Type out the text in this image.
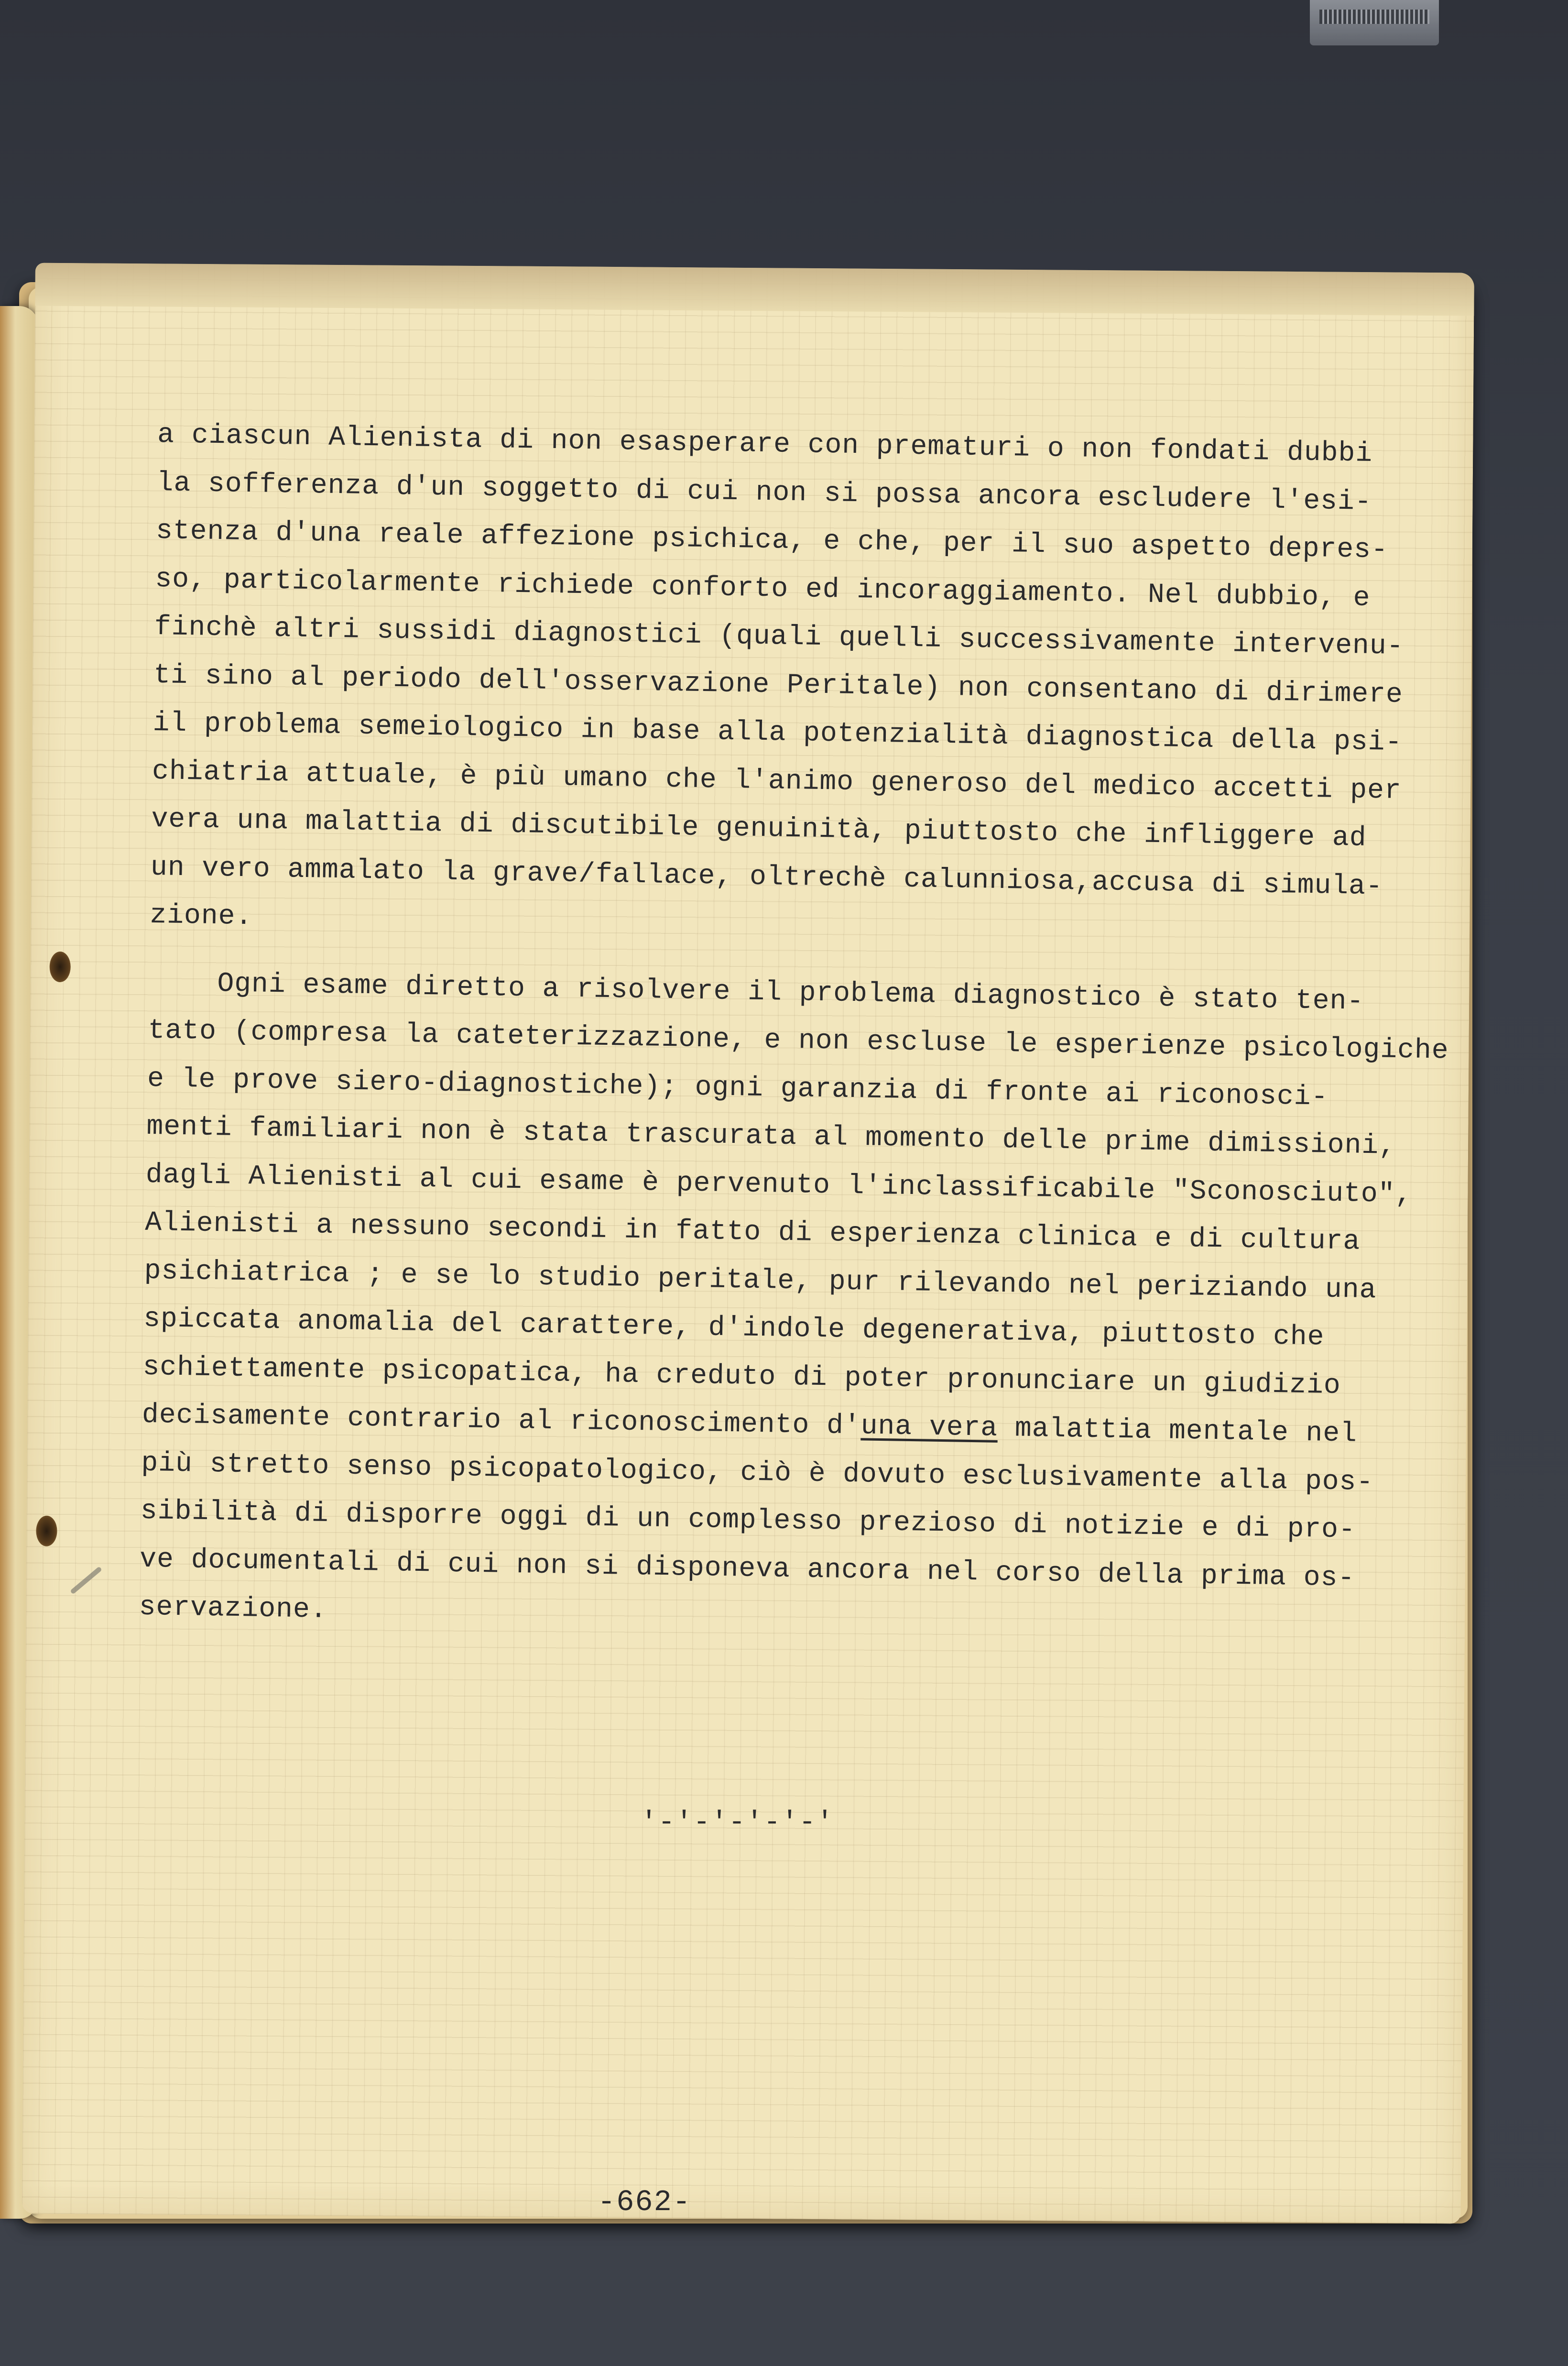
a ciascun Alienista di non esasperare con prematuri o non fondati dubbi
la sofferenza d'un soggetto di cui non si possa ancora escludere l'esi-
stenza d'una reale affezione psichica, e che, per il suo aspetto depres-
so, particolarmente richiede conforto ed incoraggiamento. Nel dubbio, e
finchè altri sussidi diagnostici (quali quelli successivamente intervenu-
ti sino al periodo dell'osservazione Peritale) non consentano di dirimere
il problema semeiologico in base alla potenzialità diagnostica della psi-
chiatria attuale, è più umano che l'animo generoso del medico accetti per
vera una malattia di discutibile genuinità, piuttosto che infliggere ad
un vero ammalato la grave/fallace, oltrechè calunniosa,accusa di simula-
zione.
Ogni esame diretto a risolvere il problema diagnostico è stato ten-
tato (compresa la cateterizzazione, e non escluse le esperienze psicologiche
e le prove siero-diagnostiche); ogni garanzia di fronte ai riconosci-
menti familiari non è stata trascurata al momento delle prime dimissioni,
dagli Alienisti al cui esame è pervenuto l'inclassificabile "Sconosciuto",
Alienisti a nessuno secondi in fatto di esperienza clinica e di cultura
psichiatrica ; e se lo studio peritale, pur rilevando nel periziando una
spiccata anomalia del carattere, d'indole degenerativa, piuttosto che
schiettamente psicopatica, ha creduto di poter pronunciare un giudizio
decisamente contrario al riconoscimento d'una vera malattia mentale nel
più stretto senso psicopatologico, ciò è dovuto esclusivamente alla pos-
sibilità di disporre oggi di un complesso prezioso di notizie e di pro-
ve documentali di cui non si disponeva ancora nel corso della prima os-
servazione.
'-'-'-'-'-'
-662-
